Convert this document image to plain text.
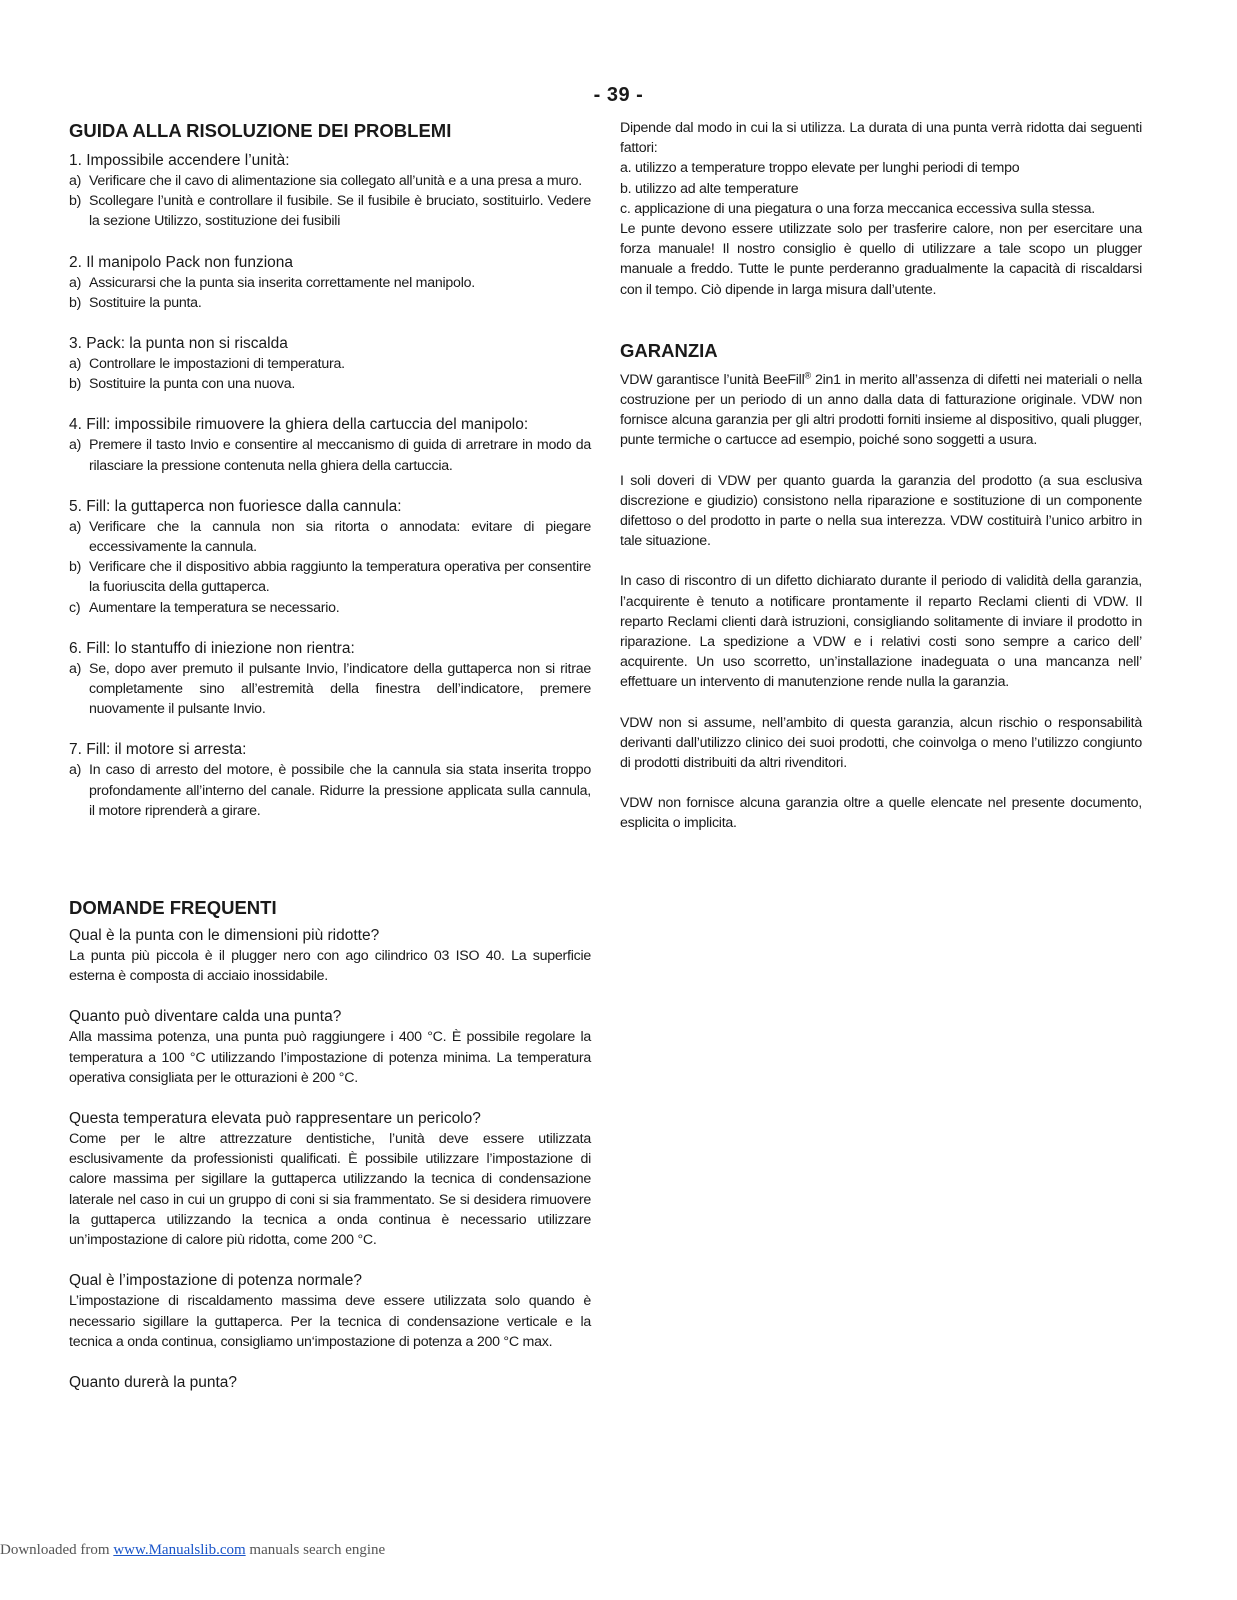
- 39 -
GUIDA ALLA RISOLUZIONE DEI PROBLEMI

1. Impossibile accendere l’unità:

a) Verificare che il cavo di alimentazione sia collegato all’unità e a una presa a muro.
b) Scollegare l’unità e controllare il fusibile. Se il fusibile è bruciato, sostituirlo. Vedere la sezione Utilizzo, sostituzione dei fusibili

2. Il manipolo Pack non funziona

a) Assicurarsi che la punta sia inserita correttamente nel manipolo.
b) Sostituire la punta.

3. Pack: la punta non si riscalda

a) Controllare le impostazioni di temperatura.
b) Sostituire la punta con una nuova.

4. Fill: impossibile rimuovere la ghiera della cartuccia del manipolo:

a) Premere il tasto Invio e consentire al meccanismo di guida di arretrare in modo da rilasciare la pressione contenuta nella ghiera della cartuccia.

5. Fill: la guttaperca non fuoriesce dalla cannula:

a) Verificare che la cannula non sia ritorta o annodata: evitare di piegare eccessivamente la cannula.
b) Verificare che il dispositivo abbia raggiunto la temperatura operativa per consentire la fuoriuscita della guttaperca.
c) Aumentare la temperatura se necessario.

6. Fill: lo stantuffo di iniezione non rientra:

a) Se, dopo aver premuto il pulsante Invio, l’indicatore della guttaperca non si ritrae completamente sino all’estremità della finestra dell’indicatore, premere nuovamente il pulsante Invio.

7. Fill: il motore si arresta:

a) In caso di arresto del motore, è possibile che la cannula sia stata inserita troppo profondamente all’interno del canale. Ridurre la pressione applicata sulla cannula, il motore riprenderà a girare.
DOMANDE FREQUENTI

Qual è la punta con le dimensioni più ridotte?

La punta più piccola è il plugger nero con ago cilindrico 03 ISO 40. La superficie esterna è composta di acciaio inossidabile.

Quanto può diventare calda una punta?

Alla massima potenza, una punta può raggiungere i 400 °C. È possibile regolare la temperatura a 100 °C utilizzando l’impostazione di potenza minima. La temperatura operativa consigliata per le otturazioni è 200 °C.

Questa temperatura elevata può rappresentare un pericolo?

Come per le altre attrezzature dentistiche, l’unità deve essere utilizzata esclusivamente da professionisti qualificati. È possibile utilizzare l’impostazione di calore massima per sigillare la guttaperca utilizzando la tecnica di condensazione laterale nel caso in cui un gruppo di coni si sia frammentato. Se si desidera rimuovere la guttaperca utilizzando la tecnica a onda continua è necessario utilizzare un’impostazione di calore più ridotta, come 200 °C.

Qual è l’impostazione di potenza normale?

L’impostazione di riscaldamento massima deve essere utilizzata solo quando è necessario sigillare la guttaperca. Per la tecnica di condensazione verticale e la tecnica a onda continua, consigliamo un‘impostazione di potenza a 200 °C max.

Quanto durerà la punta?

Dipende dal modo in cui la si utilizza. La durata di una punta verrà ridotta dai seguenti fattori:

a. utilizzo a temperature troppo elevate per lunghi periodi di tempo

b. utilizzo ad alte temperature

c. applicazione di una piegatura o una forza meccanica eccessiva sulla stessa.

Le punte devono essere utilizzate solo per trasferire calore, non per esercitare una forza manuale! Il nostro consiglio è quello di utilizzare a tale scopo un plugger manuale a freddo. Tutte le punte perderanno gradualmente la capacità di riscaldarsi con il tempo. Ciò dipende in larga misura dall’utente.

GARANZIA

VDW garantisce l’unità BeeFill® 2in1 in merito all’assenza di difetti nei materiali o nella costruzione per un periodo di un anno dalla data di fatturazione originale. VDW non fornisce alcuna garanzia per gli altri prodotti forniti insieme al dispositivo, quali plugger, punte termiche o cartucce ad esempio, poiché sono soggetti a usura.

I soli doveri di VDW per quanto guarda la garanzia del prodotto (a sua esclusiva discrezione e giudizio) consistono nella riparazione e sostituzione di un componente difettoso o del prodotto in parte o nella sua interezza. VDW costituirà l’unico arbitro in tale situazione.

In caso di riscontro di un difetto dichiarato durante il periodo di validità della garanzia, l’acquirente è tenuto a notificare prontamente il reparto Reclami clienti di VDW. Il reparto Reclami clienti darà istruzioni, consigliando solitamente di inviare il prodotto in riparazione. La spedizione a VDW e i relativi costi sono sempre a carico dell’ acquirente. Un uso scorretto, un’installazione inadeguata o una mancanza nell’ effettuare un intervento di manutenzione rende nulla la garanzia.

VDW non si assume, nell’ambito di questa garanzia, alcun rischio o responsabilità derivanti dall’utilizzo clinico dei suoi prodotti, che coinvolga o meno l’utilizzo congiunto di prodotti distribuiti da altri rivenditori.

VDW non fornisce alcuna garanzia oltre a quelle elencate nel presente documento, esplicita o implicita.

Downloaded from www.Manualslib.com manuals search engine
